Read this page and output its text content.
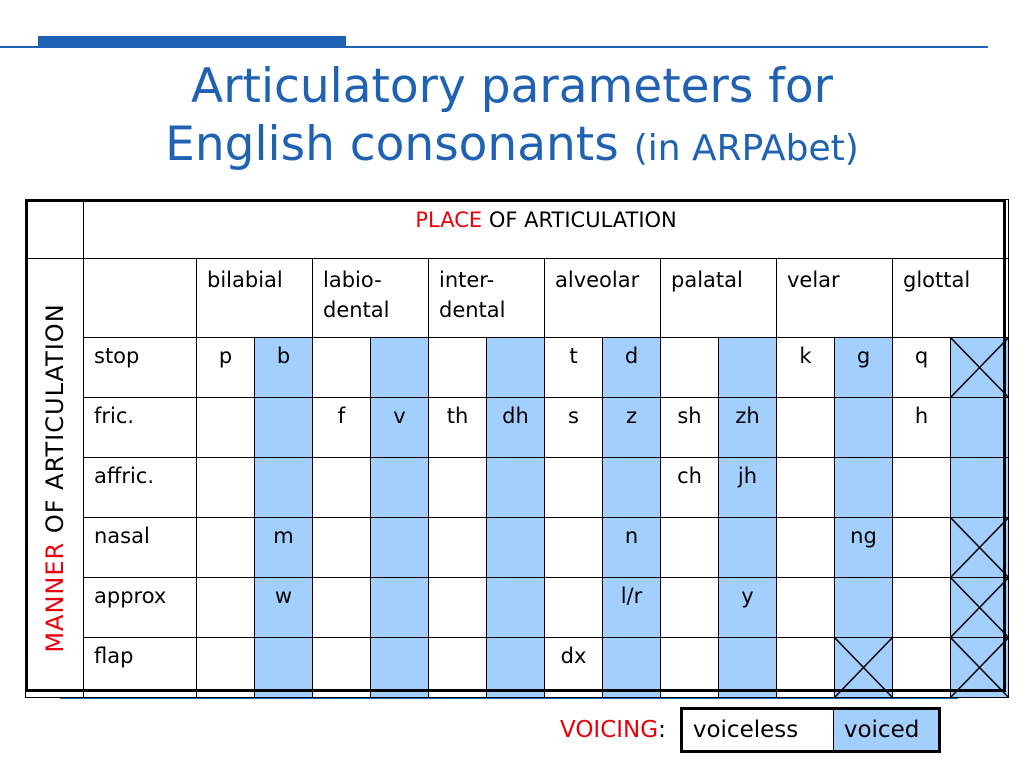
Articulatory parameters for
English consonants (in ARPAbet)

	PLACE OF ARTICULATION														

MANNER OF ARTICULATION		bilabial		labio-
dental		inter-
dental		alveolar		palatal		velar		glottal	

	stop	p	b					t	d			k	g	q

	fric.			f	v	th	dh	s	z	sh	zh			h	

	affric.									ch	jh				

	nasal		m						n				ng

	approx		w						l/r		y

	flap							dx

VOICING:	voiceless	voiced
